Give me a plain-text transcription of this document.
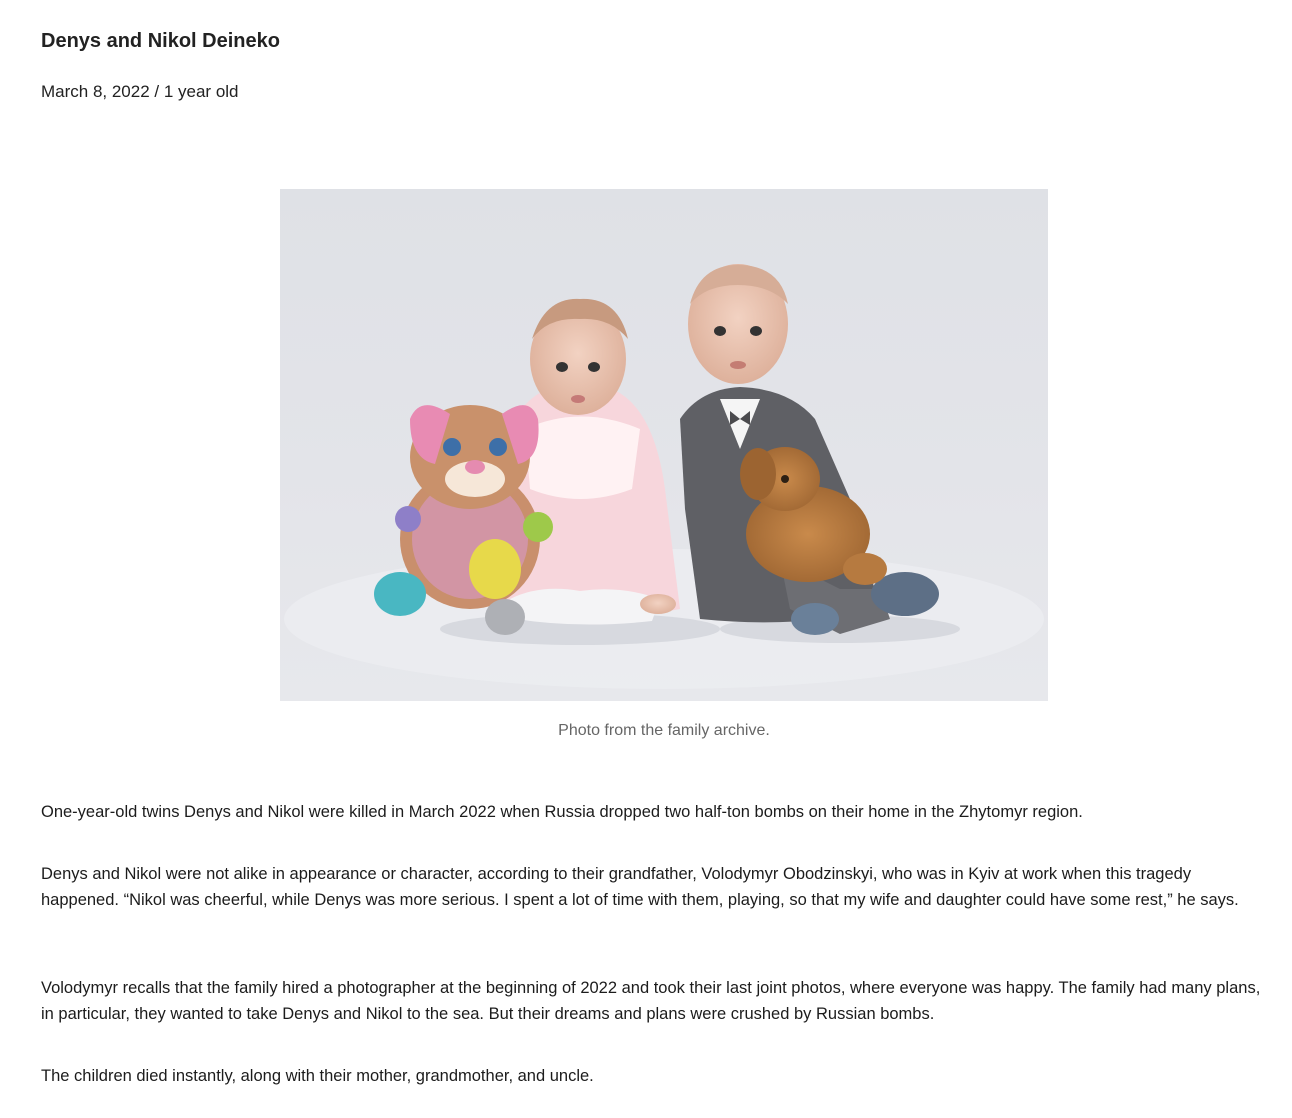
Denys and Nikol Deineko
March 8, 2022 / 1 year old
Photo from the family archive.

One-year-old twins Denys and Nikol were killed in March 2022 when Russia dropped two half-ton bombs on their home in the Zhytomyr region.

Denys and Nikol were not alike in appearance or character, according to their grandfather, Volodymyr Obodzinskyi, who was in Kyiv at work when this tragedy happened. “Nikol was cheerful, while Denys was more serious. I spent a lot of time with them, playing, so that my wife and daughter could have some rest,” he says.

Volodymyr recalls that the family hired a photographer at the beginning of 2022 and took their last joint photos, where everyone was happy. The family had many plans, in particular, they wanted to take Denys and Nikol to the sea. But their dreams and plans were crushed by Russian bombs.

The children died instantly, along with their mother, grandmother, and uncle.
